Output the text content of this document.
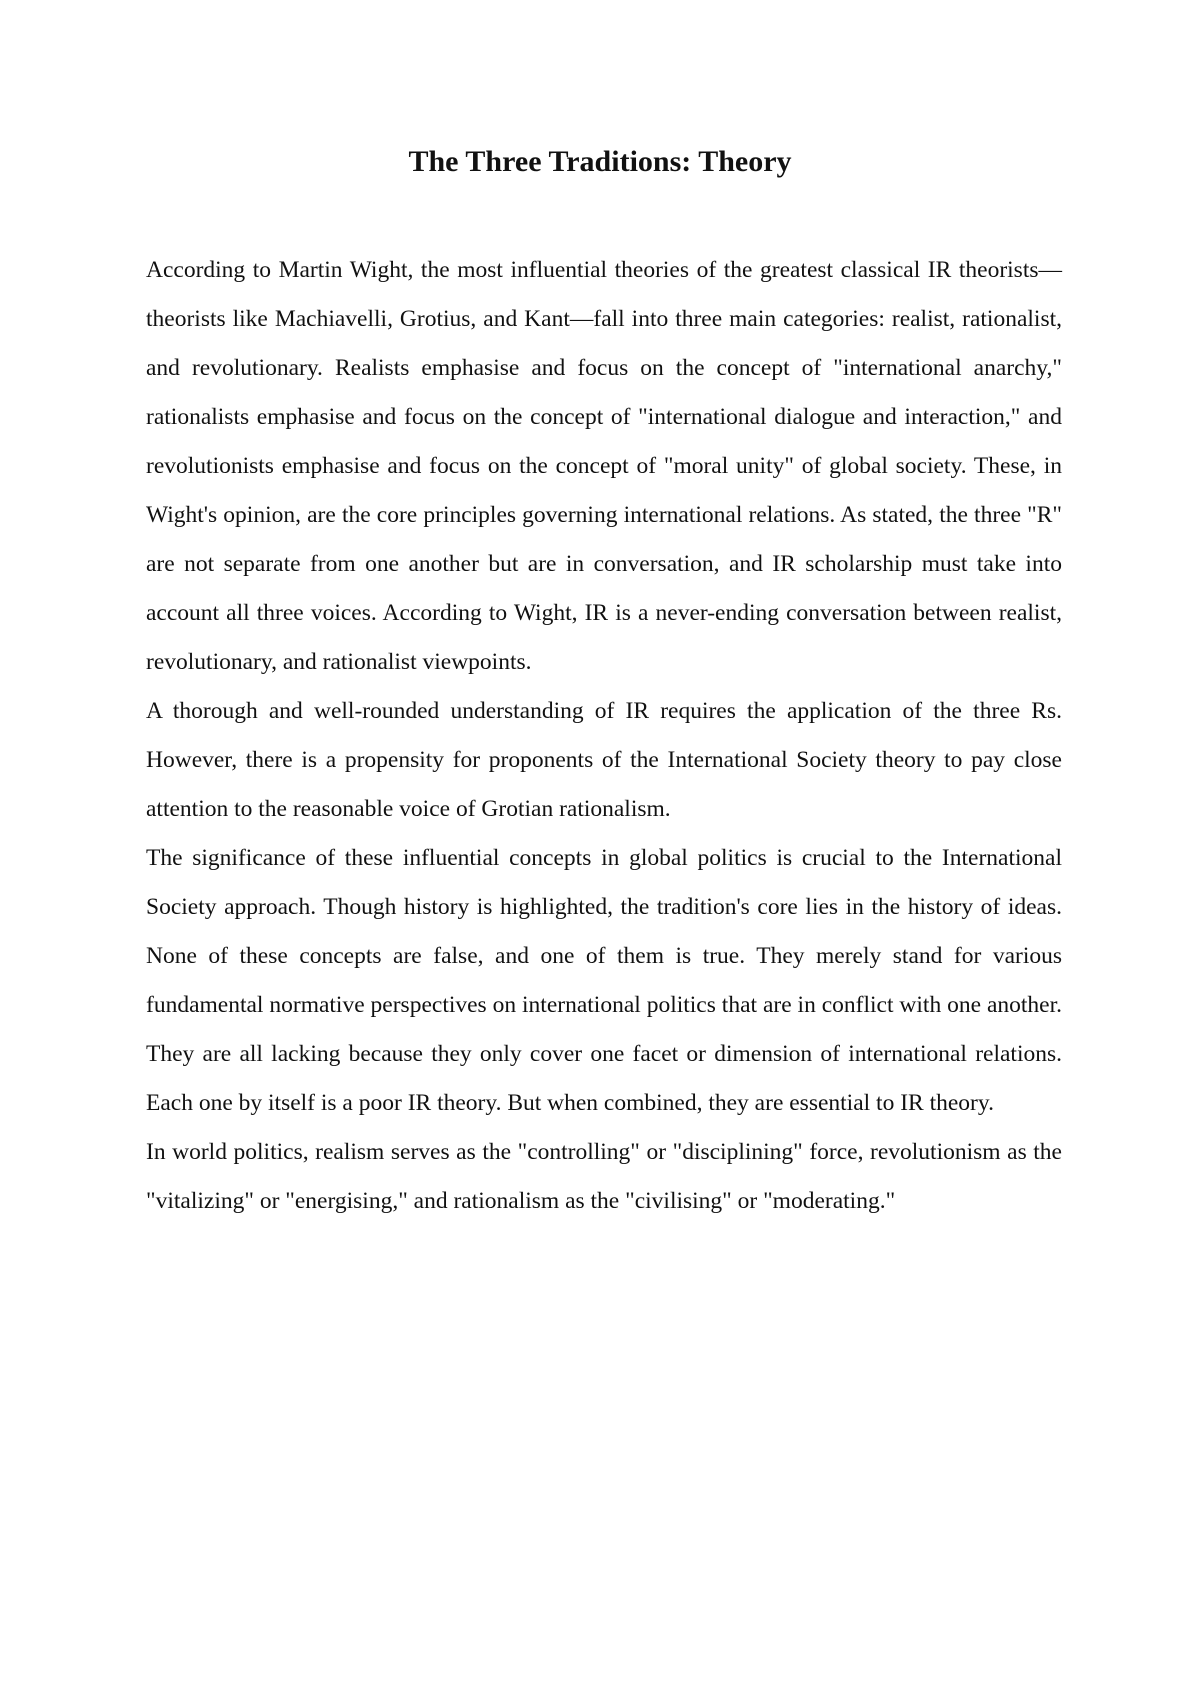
The Three Traditions: Theory

According to Martin Wight, the most influential theories of the greatest classical IR theorists—theorists like Machiavelli, Grotius, and Kant—fall into three main categories: realist, rationalist, and revolutionary. Realists emphasise and focus on the concept of "international anarchy," rationalists emphasise and focus on the concept of "international dialogue and interaction," and revolutionists emphasise and focus on the concept of "moral unity" of global society. These, in Wight's opinion, are the core principles governing international relations. As stated, the three "R" are not separate from one another but are in conversation, and IR scholarship must take into account all three voices. According to Wight, IR is a never-ending conversation between realist, revolutionary, and rationalist viewpoints.

A thorough and well-rounded understanding of IR requires the application of the three Rs. However, there is a propensity for proponents of the International Society theory to pay close attention to the reasonable voice of Grotian rationalism.

The significance of these influential concepts in global politics is crucial to the International Society approach. Though history is highlighted, the tradition's core lies in the history of ideas. None of these concepts are false, and one of them is true. They merely stand for various fundamental normative perspectives on international politics that are in conflict with one another. They are all lacking because they only cover one facet or dimension of international relations. Each one by itself is a poor IR theory. But when combined, they are essential to IR theory.

In world politics, realism serves as the "controlling" or "disciplining" force, revolutionism as the "vitalizing" or "energising," and rationalism as the "civilising" or "moderating."
